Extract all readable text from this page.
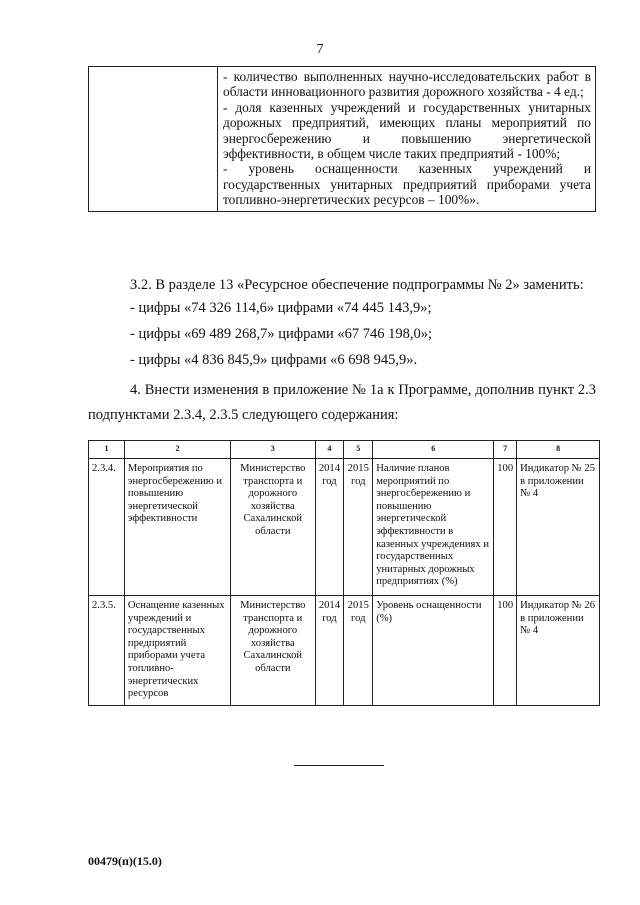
7

- количество выполненных научно-исследовательских работ в области инновационного развития дорожного хозяйства - 4 ед.;
- доля казенных учреждений и государственных унитарных дорожных предприятий, имеющих планы мероприятий по энергосбережению и повышению энергетической эффективности, в общем числе таких предприятий - 100%;
- уровень оснащенности казенных учреждений и государственных унитарных предприятий приборами учета топливно-энергетических ресурсов – 100%».
3.2. В разделе 13 «Ресурсное обеспечение подпрограммы № 2» заменить:
- цифры «74 326 114,6» цифрами «74 445 143,9»;
- цифры «69 489 268,7» цифрами «67 746 198,0»;
- цифры «4 836 845,9» цифрами «6 698 945,9».
4. Внести изменения в приложение № 1а к Программе, дополнив пункт 2.3 подпунктами 2.3.4, 2.3.5 следующего содержания:
1	2	3	4	5	6	7	8
2.3.4.	Мероприятия по энергосбережению и повышению энергетической эффективности	Министерство транспорта и дорожного хозяйства Сахалинской области	2014 год	2015 год	Наличие планов мероприятий по энергосбережению и повышению энергетической эффективности в казенных учреждениях и государственных унитарных дорожных предприятиях (%)	100	Индикатор № 25 в приложении № 4
2.3.5.	Оснащение казенных учреждений и государственных предприятий приборами учета топливно-энергетических ресурсов	Министерство транспорта и дорожного хозяйства Сахалинской области	2014 год	2015 год	Уровень оснащенности (%)	100	Индикатор № 26 в приложении № 4
00479(п)(15.0)
